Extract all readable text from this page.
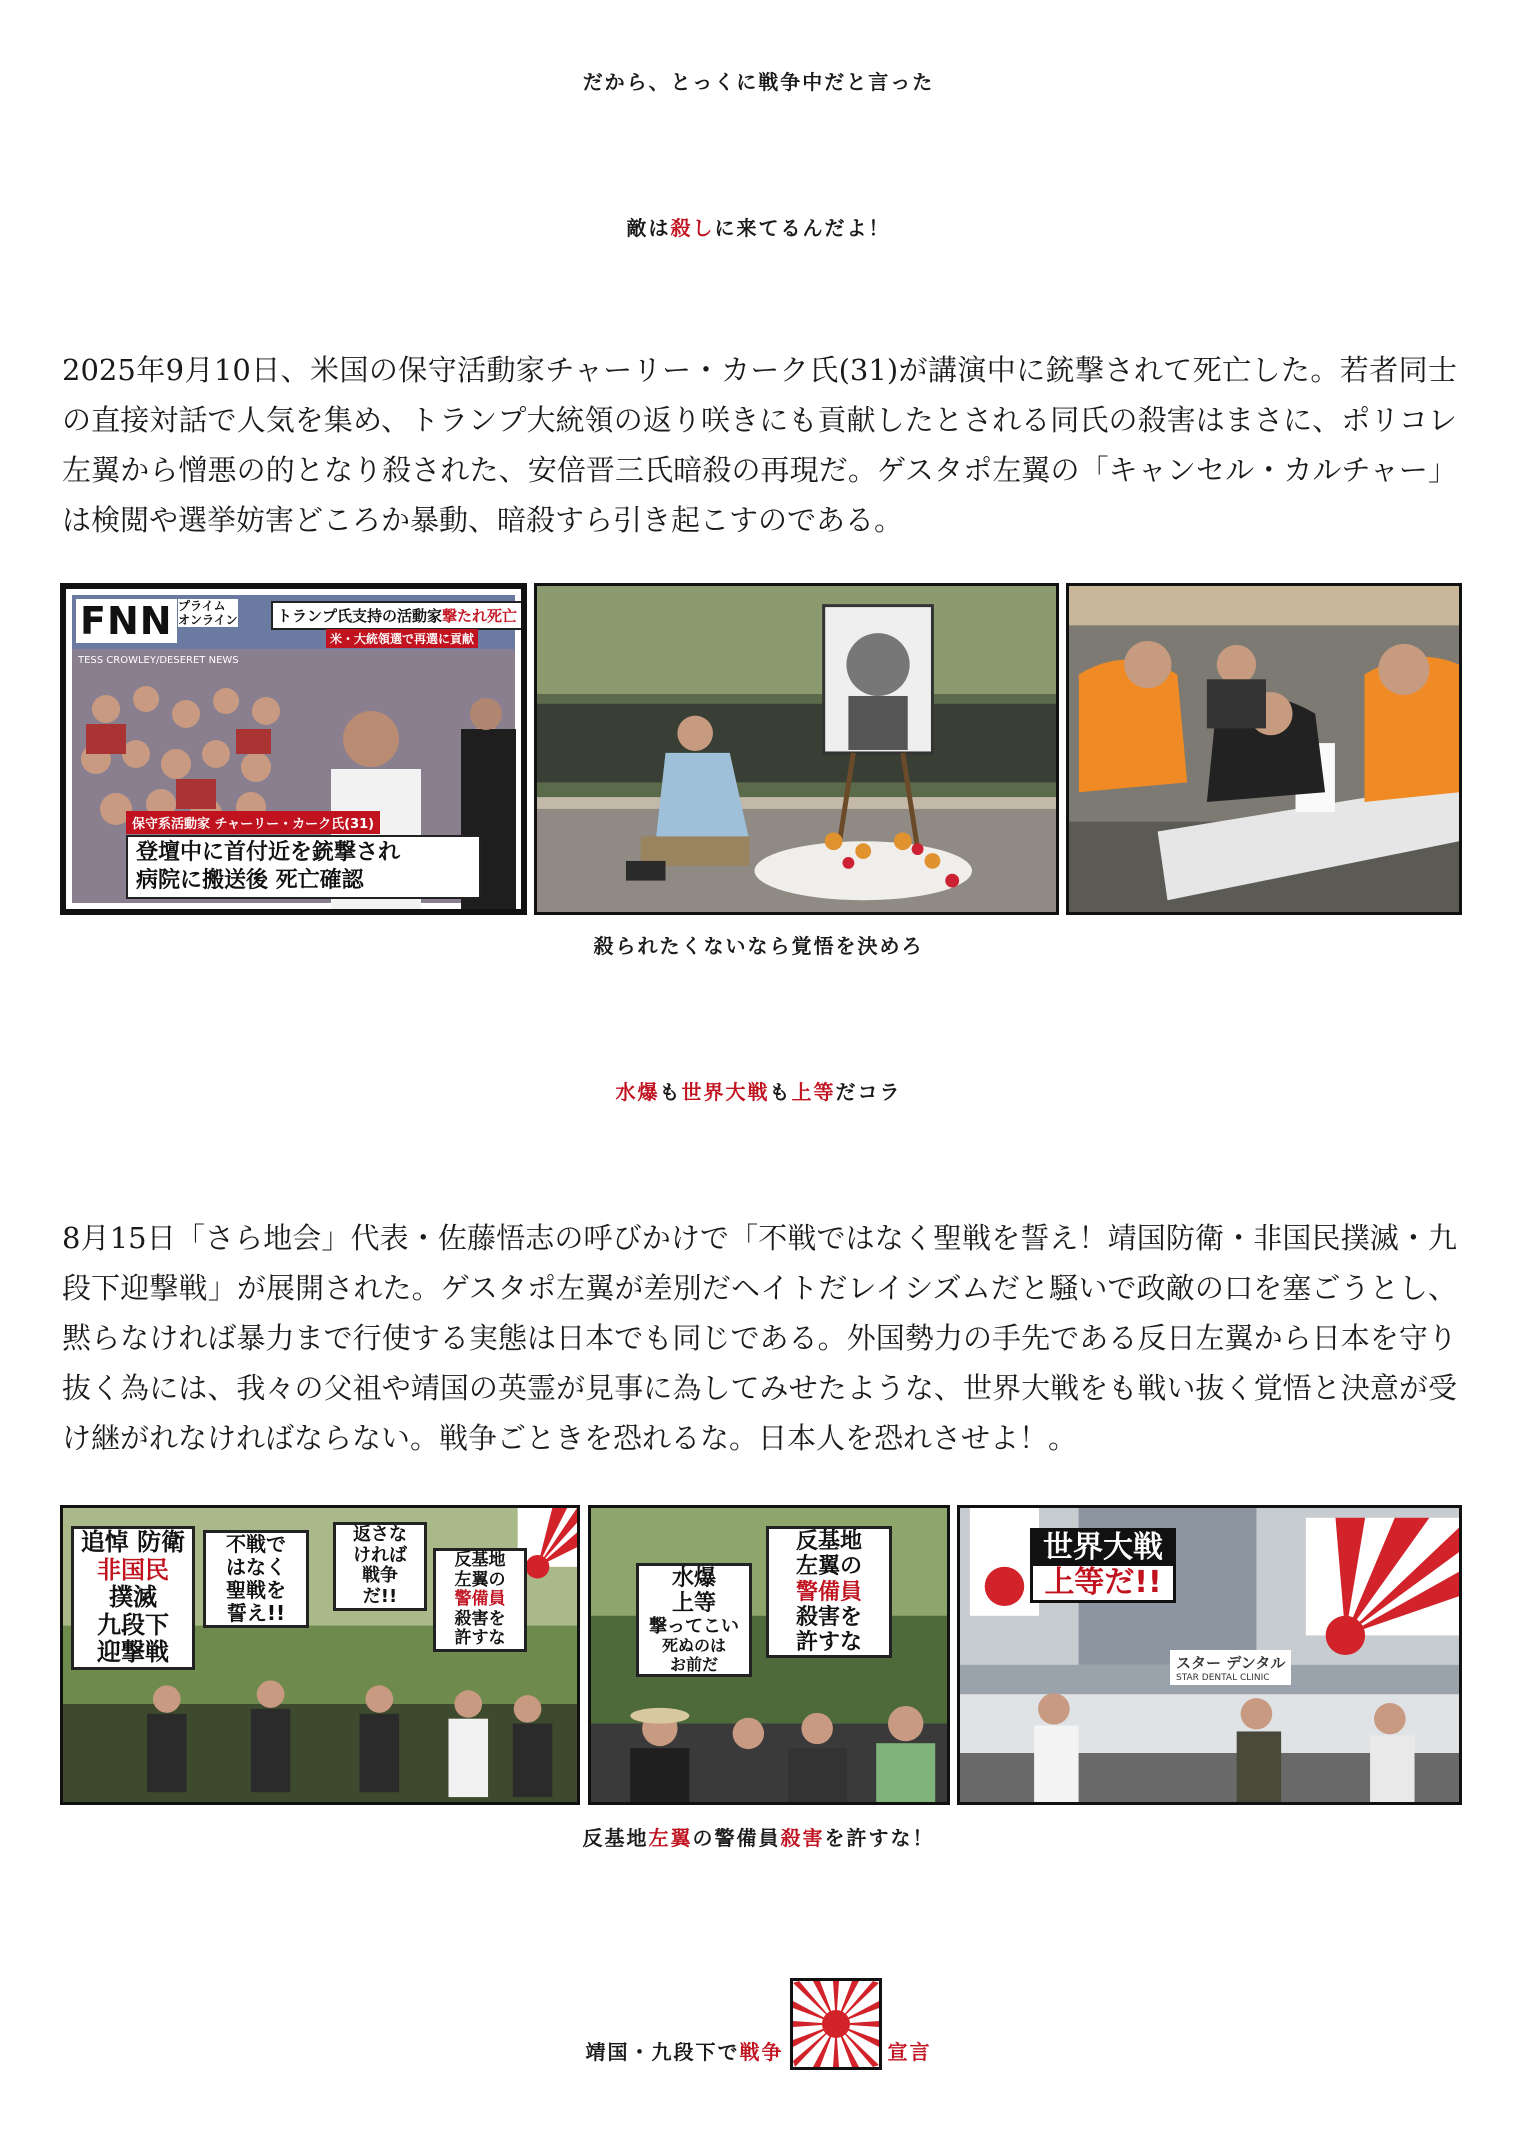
だから、とっくに戦争中だと言った
敵は殺しに来てるんだよ！
2025年9月10日、米国の保守活動家チャーリー・カーク氏(31)が講演中に銃撃されて死亡した。若者同士の直接対話で人気を集め、トランプ大統領の返り咲きにも貢献したとされる同氏の殺害はまさに、ポリコレ左翼から憎悪の的となり殺された、安倍晋三氏暗殺の再現だ。ゲスタポ左翼の「キャンセル・カルチャー」は検閲や選挙妨害どころか暴動、暗殺すら引き起こすのである。
FNN プライム
オンライン	トランプ氏支持の活動家撃たれ死亡
米・大統領選で再選に貢献
TESS CROWLEY/DESERET NEWS
保守系活動家 チャーリー・カーク氏(31)
登壇中に首付近を銃撃され
病院に搬送後 死亡確認
殺られたくないなら覚悟を決めろ
水爆も世界大戦も上等だコラ
8月15日「さら地会」代表・佐藤悟志の呼びかけで「不戦ではなく聖戦を誓え！靖国防衛・非国民撲滅・九段下迎撃戦」が展開された。ゲスタポ左翼が差別だヘイトだレイシズムだと騒いで政敵の口を塞ごうとし、黙らなければ暴力まで行使する実態は日本でも同じである。外国勢力の手先である反日左翼から日本を守り抜く為には、我々の父祖や靖国の英霊が見事に為してみせたような、世界大戦をも戦い抜く覚悟と決意が受け継がれなければならない。戦争ごときを恐れるな。日本人を恐れさせよ！。
追悼 防衛
非国民
撲滅
九段下
迎撃戦
不戦で
はなく
聖戦を
誓え!!
返さな
ければ
戦争
だ!!
反基地
左翼の
警備員
殺害を
許すな
水爆
上等
撃ってこい
死ぬのは
お前だ
反基地
左翼の
警備員
殺害を
許すな
世界大戦
上等だ!!
スター デンタル
STAR DENTAL CLINIC
反基地左翼の警備員殺害を許すな！
靖国・九段下で戦争	宣言
